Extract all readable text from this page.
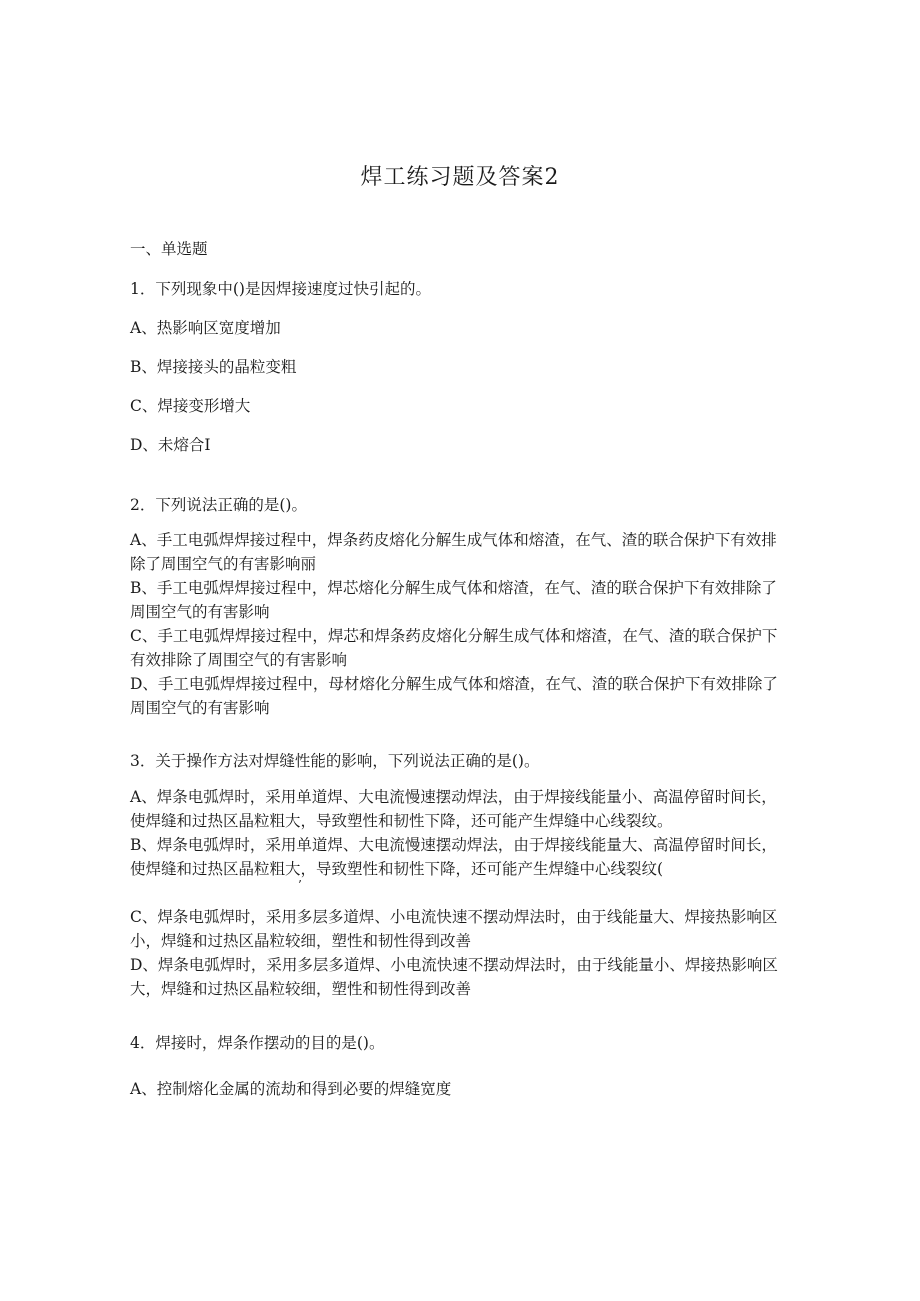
焊工练习题及答案2
一、单选题
1．下列现象中()是因焊接速度过快引起的。
A、热影响区宽度增加
B、焊接接头的晶粒变粗
C、焊接变形增大
D、未熔合I
2．下列说法正确的是()。
A、手工电弧焊焊接过程中，焊条药皮熔化分解生成气体和熔渣，在气、渣的联合保护下有效排除了周围空气的有害影响丽
B、手工电弧焊焊接过程中，焊芯熔化分解生成气体和熔渣，在气、渣的联合保护下有效排除了周围空气的有害影响
C、手工电弧焊焊接过程中，焊芯和焊条药皮熔化分解生成气体和熔渣，在气、渣的联合保护下有效排除了周围空气的有害影响
D、手工电弧焊焊接过程中，母材熔化分解生成气体和熔渣，在气、渣的联合保护下有效排除了周围空气的有害影响
3．关于操作方法对焊缝性能的影响，下列说法正确的是()。
A、焊条电弧焊时，采用单道焊、大电流慢速摆动焊法，由于焊接线能量小、高温停留时间长，使焊缝和过热区晶粒粗大，导致塑性和韧性下降，还可能产生焊缝中心线裂纹。
B、焊条电弧焊时，采用单道焊、大电流慢速摆动焊法，由于焊接线能量大、高温停留时间长，使焊缝和过热区晶粒粗大，导致塑性和韧性下降，还可能产生焊缝中心线裂纹(
’
C、焊条电弧焊时，采用多层多道焊、小电流快速不摆动焊法时，由于线能量大、焊接热影响区小，焊缝和过热区晶粒较细，塑性和韧性得到改善
D、焊条电弧焊时，采用多层多道焊、小电流快速不摆动焊法时，由于线能量小、焊接热影响区大，焊缝和过热区晶粒较细，塑性和韧性得到改善
4．焊接时，焊条作摆动的目的是()。
A、控制熔化金属的流劫和得到必要的焊缝宽度
